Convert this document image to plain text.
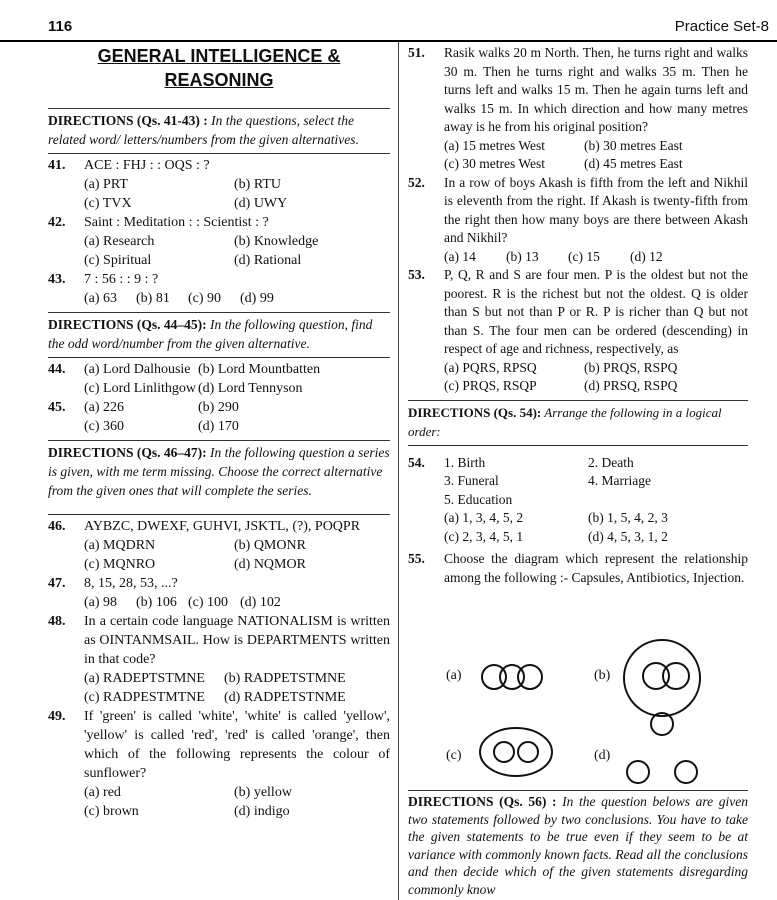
116	Practice Set-8
GENERAL INTELLIGENCE &
REASONING

DIRECTIONS (Qs. 41-43) : In the questions, select the related word/ letters/numbers from the given alternatives.

41.	ACE : FHJ : : OQS : ?
(a) PRT	(b) RTU
(c) TVX	(d) UWY
42.	Saint : Meditation : : Scientist : ?
(a) Research	(b) Knowledge
(c) Spiritual	(d) Rational
43.	7 : 56 : : 9 : ?
(a) 63	(b) 81	(c) 90	(d) 99

DIRECTIONS (Qs. 44–45): In the following question, find the odd word/number from the given alternative.

44.	(a) Lord Dalhousie (b) Lord Mountbatten
(c) Lord Linlithgow (d) Lord Tennyson
45.	(a) 226	(b) 290
(c) 360	(d) 170

DIRECTIONS (Qs. 46–47): In the following question a series is given, with me term missing. Choose the correct alternative from the given ones that will complete the series.

46.	AYBZC, DWEXF, GUHVI, JSKTL, (?), POQPR
(a) MQDRN	(b) QMONR
(c) MQNRO	(d) NQMOR
47.	8, 15, 28, 53, ...?
(a) 98	(b) 106 (c) 100 (d) 102
48.	In a certain code language NATIONALISM is written as OINTANMSAIL. How is DEPARTMENTS written in that code?
(a) RADEPTSTMNE	(b) RADPETSTMNE
(c) RADPESTMTNE	(d) RADPETSTNME
49.	If 'green' is called 'white', 'white' is called 'yellow', 'yellow' is called 'red', 'red' is called 'orange', then which of the following represents the colour of sunflower?
(a) red	(b) yellow
(c) brown	(d) indigo
51.	Rasik walks 20 m North. Then, he turns right and walks 30 m. Then he turns right and walks 35 m. Then he turns left and walks 15 m. Then he again turns left and walks 15 m. In which direction and how many metres away is he from his original position?
(a) 15 metres West	(b) 30 metres East
(c) 30 metres West	(d) 45 metres East
52.	In a row of boys Akash is fifth from the left and Nikhil is eleventh from the right. If Akash is twenty-fifth from the right then how many boys are there between Akash and Nikhil?
(a) 14	(b) 13	(c) 15	(d) 12
53.	P, Q, R and S are four men. P is the oldest but not the poorest. R is the richest but not the oldest. Q is older than S but not than P or R. P is richer than Q but not than S. The four men can be ordered (descending) in respect of age and richness, respectively, as
(a) PQRS, RPSQ	(b) PRQS, RSPQ
(c) PRQS, RSQP	(d) PRSQ, RSPQ

DIRECTIONS (Qs. 54): Arrange the following in a logical order:

54.	1. Birth	2. Death
3. Funeral	4. Marriage
5. Education
(a) 1, 3, 4, 5, 2	(b) 1, 5, 4, 2, 3
(c) 2, 3, 4, 5, 1	(d) 4, 5, 3, 1, 2
55.	Choose the diagram which represent the relationship among the following :- Capsules, Antibiotics, Injection.
(a)	(b)
(c)	(d)

DIRECTIONS (Qs. 56) : In the question belows are given two statements followed by two conclusions. You have to take the given statements to be true even if they seem to be at variance with commonly known facts. Read all the conclusions and then decide which of the given statements disregarding commonly know
